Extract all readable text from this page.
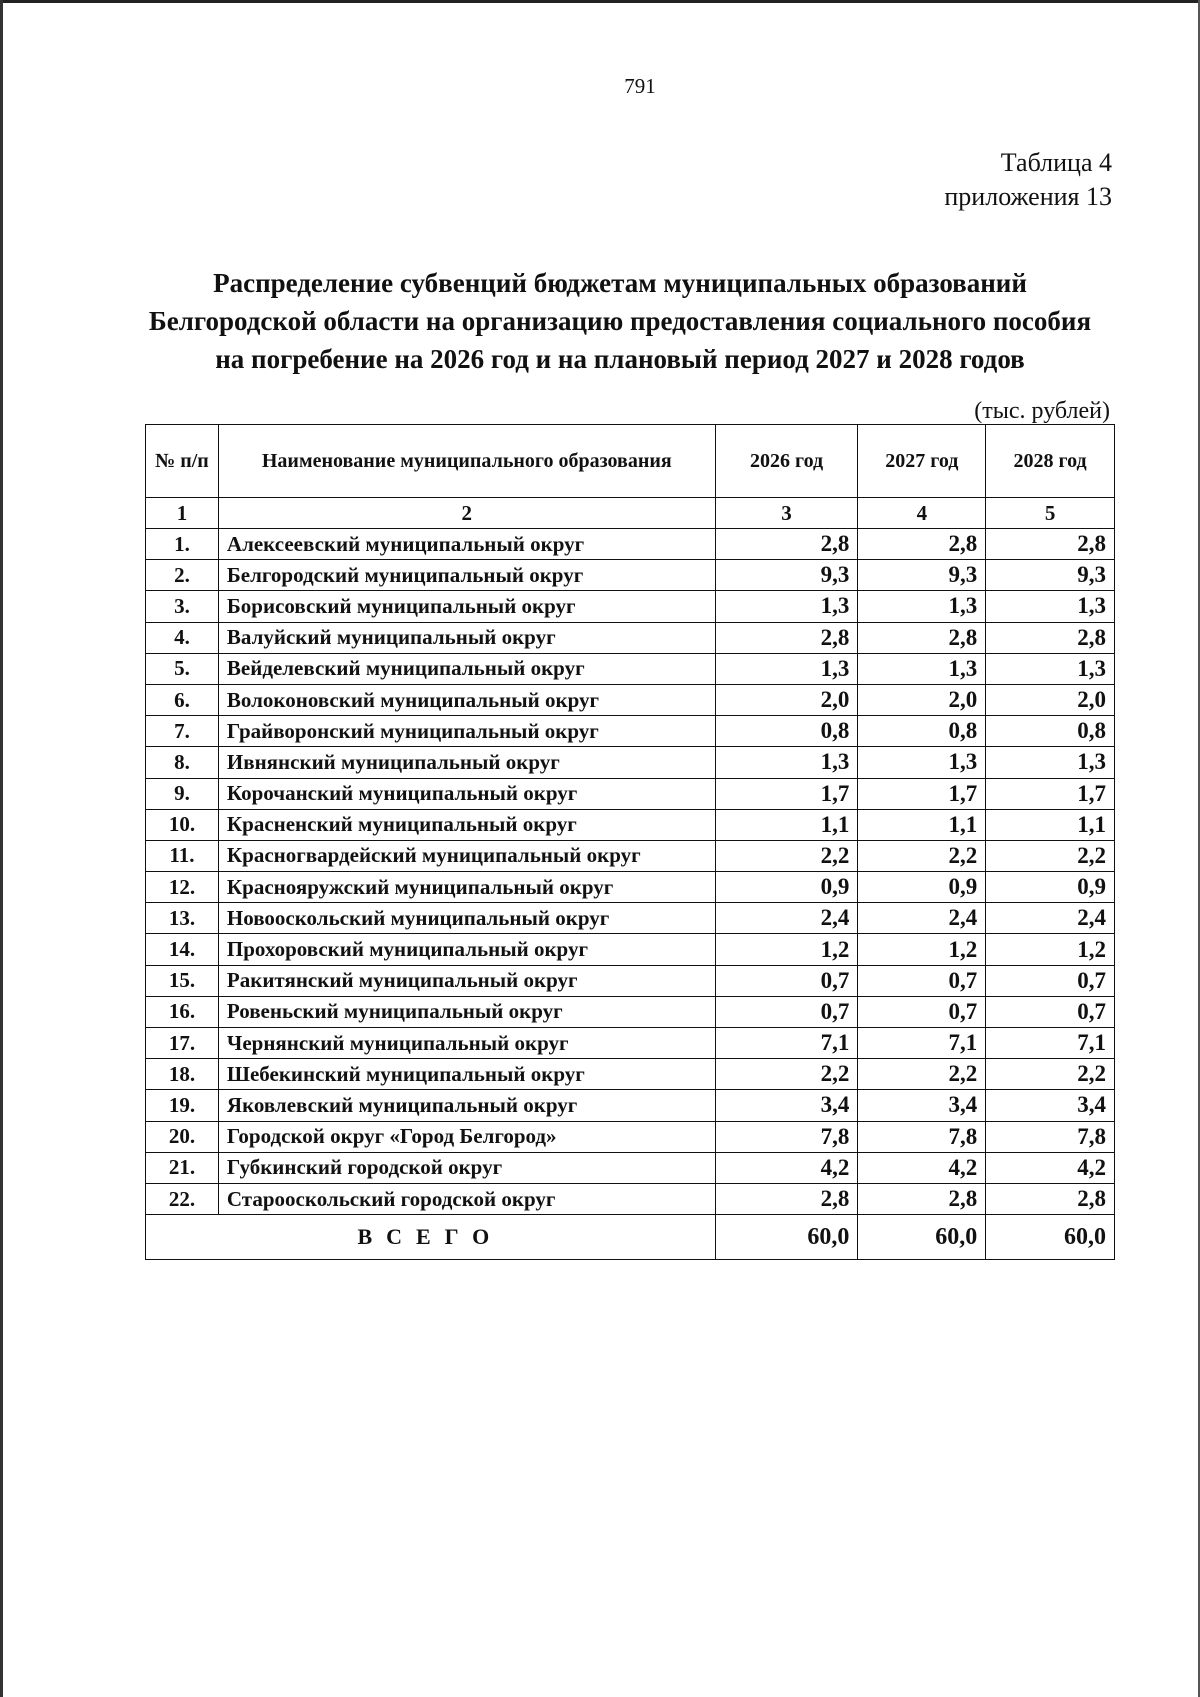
791
Таблица 4
приложения 13
Распределение субвенций бюджетам муниципальных образований
Белгородской области на организацию предоставления социального пособия
на погребение на 2026 год и на плановый период 2027 и 2028 годов
(тыс. рублей)
№ п/п	Наименование муниципального образования	2026 год	2027 год	2028 год
1	2	3	4	5
1.	Алексеевский муниципальный округ	2,8	2,8	2,8
2.	Белгородский муниципальный округ	9,3	9,3	9,3
3.	Борисовский муниципальный округ	1,3	1,3	1,3
4.	Валуйский муниципальный округ	2,8	2,8	2,8
5.	Вейделевский муниципальный округ	1,3	1,3	1,3
6.	Волоконовский муниципальный округ	2,0	2,0	2,0
7.	Грайворонский муниципальный округ	0,8	0,8	0,8
8.	Ивнянский муниципальный округ	1,3	1,3	1,3
9.	Корочанский муниципальный округ	1,7	1,7	1,7
10.	Красненский муниципальный округ	1,1	1,1	1,1
11.	Красногвардейский муниципальный округ	2,2	2,2	2,2
12.	Краснояружский муниципальный округ	0,9	0,9	0,9
13.	Новооскольский муниципальный округ	2,4	2,4	2,4
14.	Прохоровский муниципальный округ	1,2	1,2	1,2
15.	Ракитянский муниципальный округ	0,7	0,7	0,7
16.	Ровеньский муниципальный округ	0,7	0,7	0,7
17.	Чернянский муниципальный округ	7,1	7,1	7,1
18.	Шебекинский муниципальный округ	2,2	2,2	2,2
19.	Яковлевский муниципальный округ	3,4	3,4	3,4
20.	Городской округ «Город Белгород»	7,8	7,8	7,8
21.	Губкинский городской округ	4,2	4,2	4,2
22.	Старооскольский городской округ	2,8	2,8	2,8
ВСЕГО		60,0	60,0	60,0
